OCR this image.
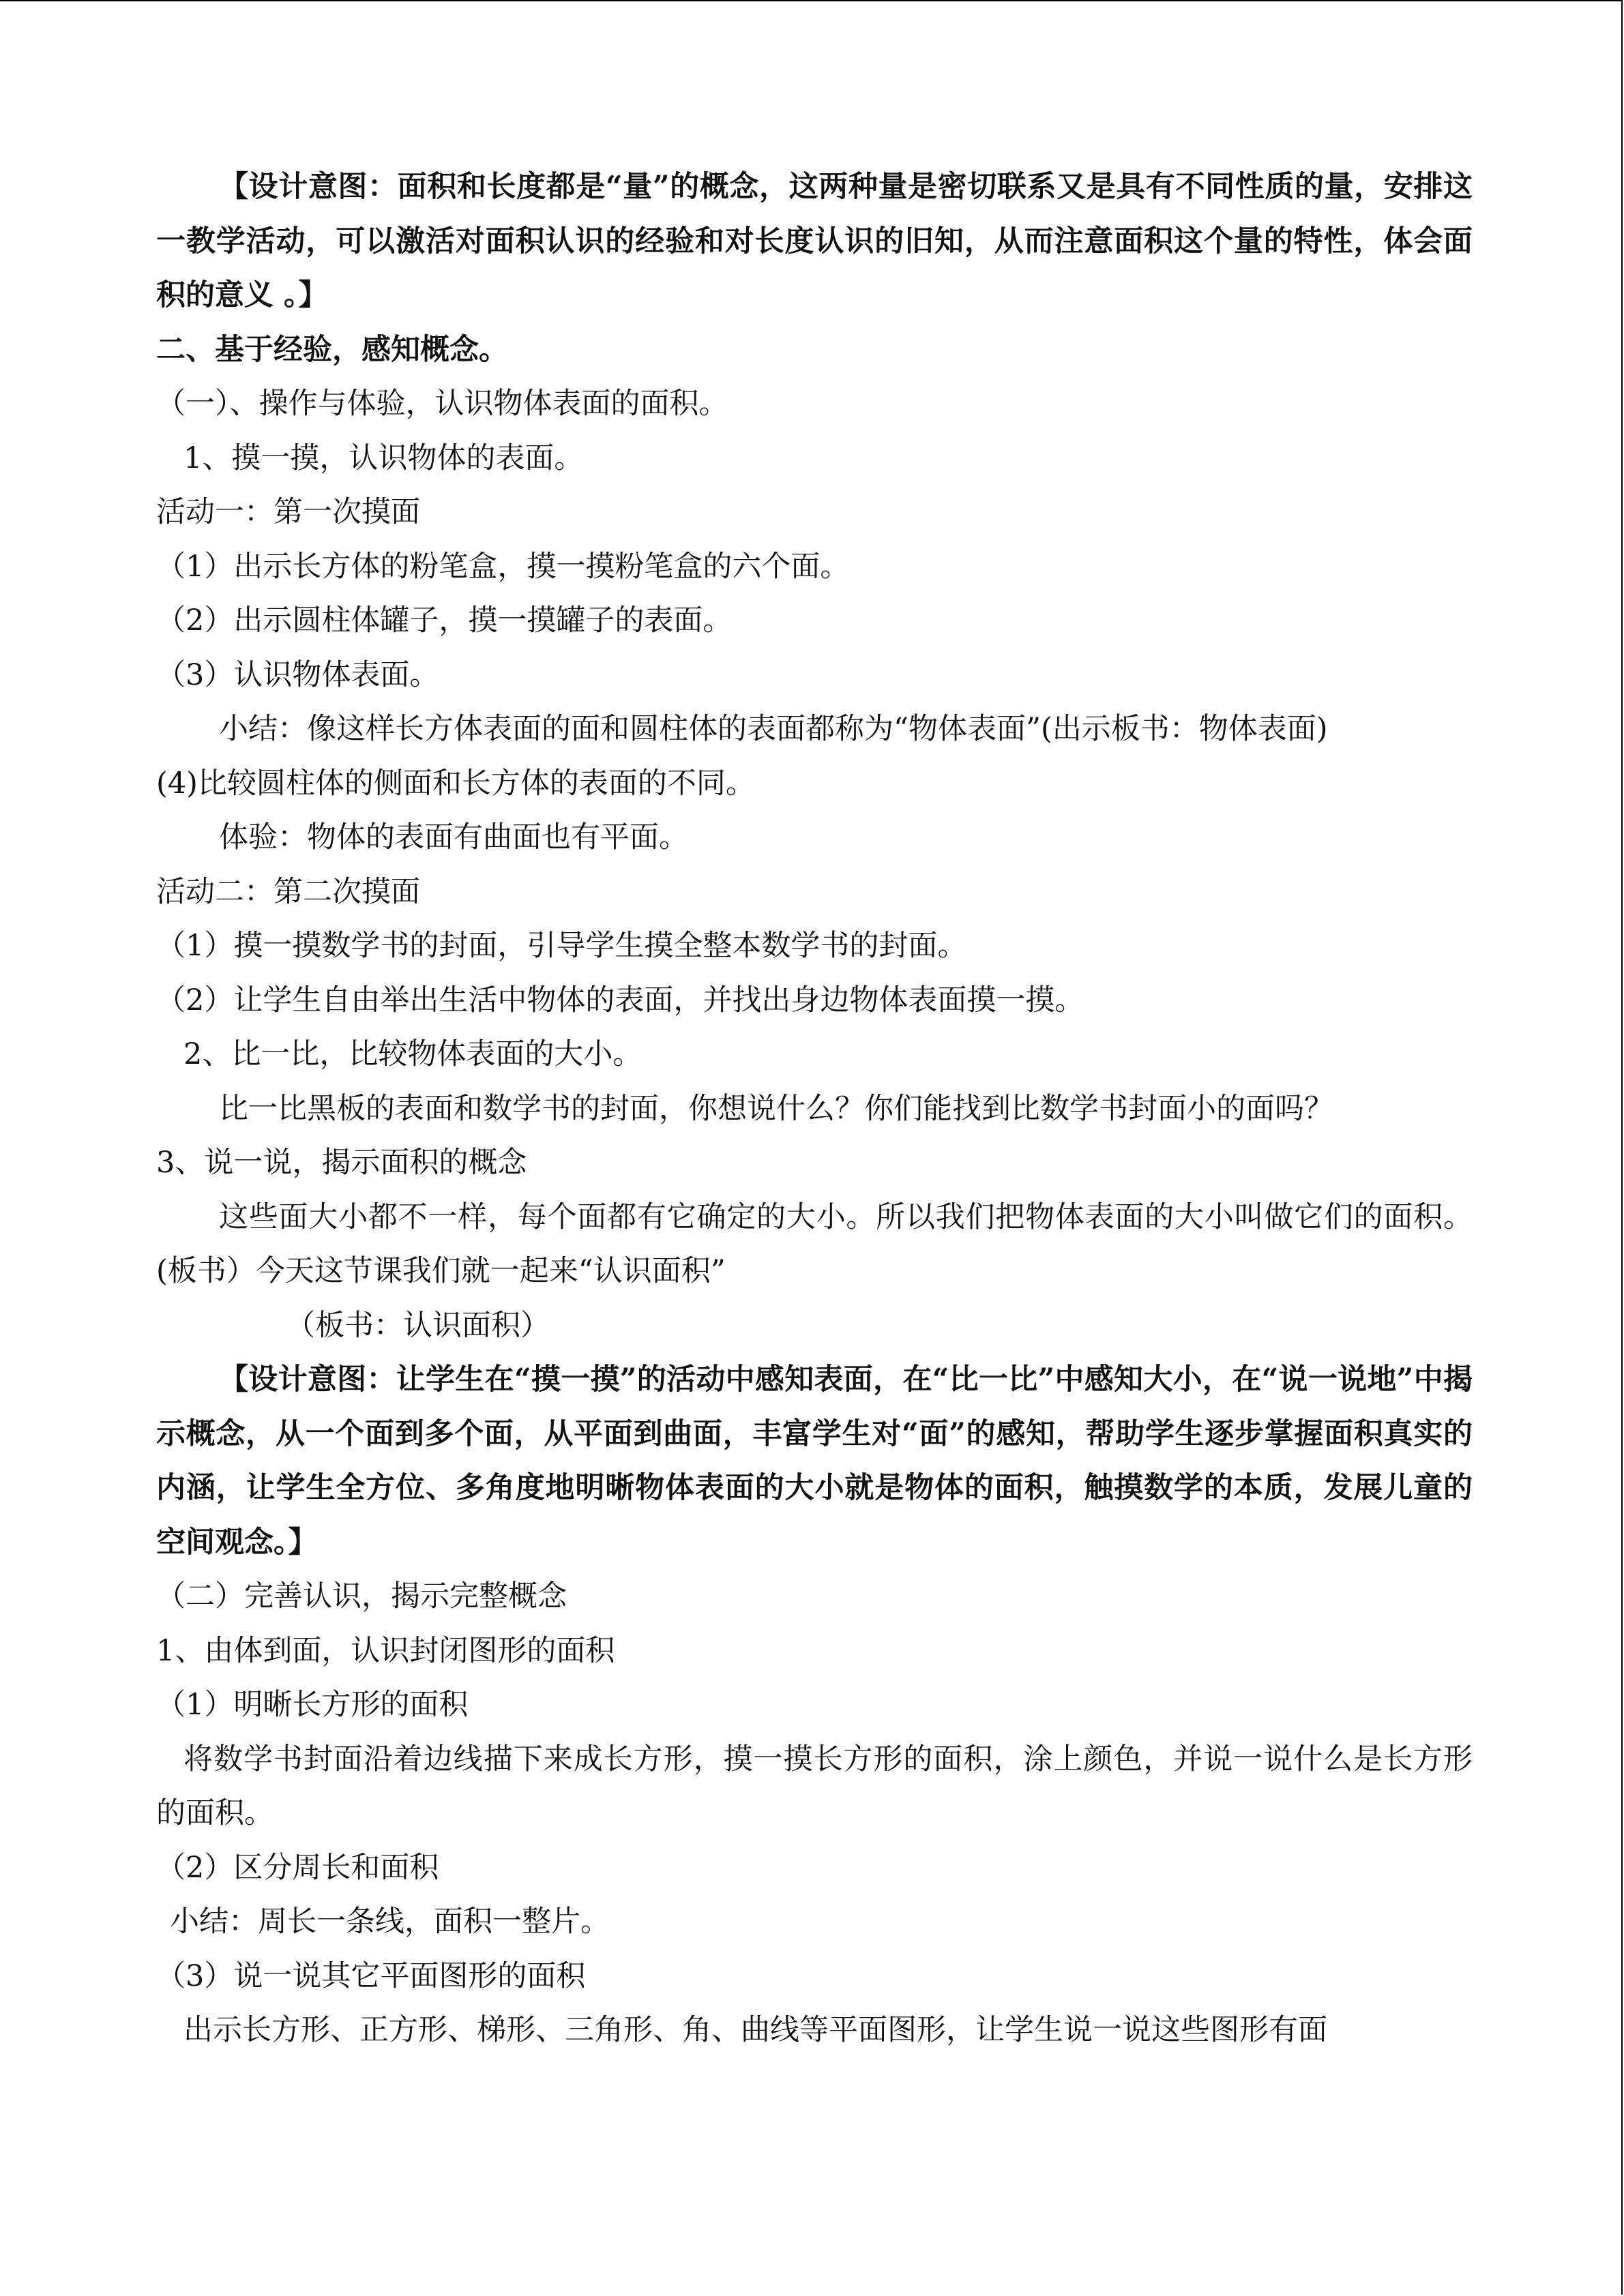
【设计意图：面积和长度都是“量”的概念，这两种量是密切联系又是具有不同性质的量，安排这一教学活动，可以激活对面积认识的经验和对长度认识的旧知，从而注意面积这个量的特性，体会面积的意义 。】

二、基于经验，感知概念。

（一）、操作与体验，认识物体表面的面积。

1、摸一摸，认识物体的表面。

活动一：第一次摸面

（1）出示长方体的粉笔盒，摸一摸粉笔盒的六个面。

（2）出示圆柱体罐子，摸一摸罐子的表面。

（3）认识物体表面。

小结：像这样长方体表面的面和圆柱体的表面都称为“物体表面”(出示板书：物体表面)

(4)比较圆柱体的侧面和长方体的表面的不同。

体验：物体的表面有曲面也有平面。

活动二：第二次摸面

（1）摸一摸数学书的封面，引导学生摸全整本数学书的封面。

（2）让学生自由举出生活中物体的表面，并找出身边物体表面摸一摸。

2、比一比，比较物体表面的大小。

比一比黑板的表面和数学书的封面，你想说什么？你们能找到比数学书封面小的面吗？

3、说一说，揭示面积的概念

这些面大小都不一样，每个面都有它确定的大小。所以我们把物体表面的大小叫做它们的面积。(板书）今天这节课我们就一起来“认识面积”

（板书：认识面积）

【设计意图：让学生在“摸一摸”的活动中感知表面，在“比一比”中感知大小，在“说一说地”中揭示概念，从一个面到多个面，从平面到曲面，丰富学生对“面”的感知，帮助学生逐步掌握面积真实的内涵，让学生全方位、多角度地明晰物体表面的大小就是物体的面积，触摸数学的本质，发展儿童的空间观念。】

（二）完善认识，揭示完整概念

1、由体到面，认识封闭图形的面积

（1）明晰长方形的面积

将数学书封面沿着边线描下来成长方形，摸一摸长方形的面积，涂上颜色，并说一说什么是长方形的面积。

（2）区分周长和面积

小结：周长一条线，面积一整片。

（3）说一说其它平面图形的面积

出示长方形、正方形、梯形、三角形、角、曲线等平面图形，让学生说一说这些图形有面
